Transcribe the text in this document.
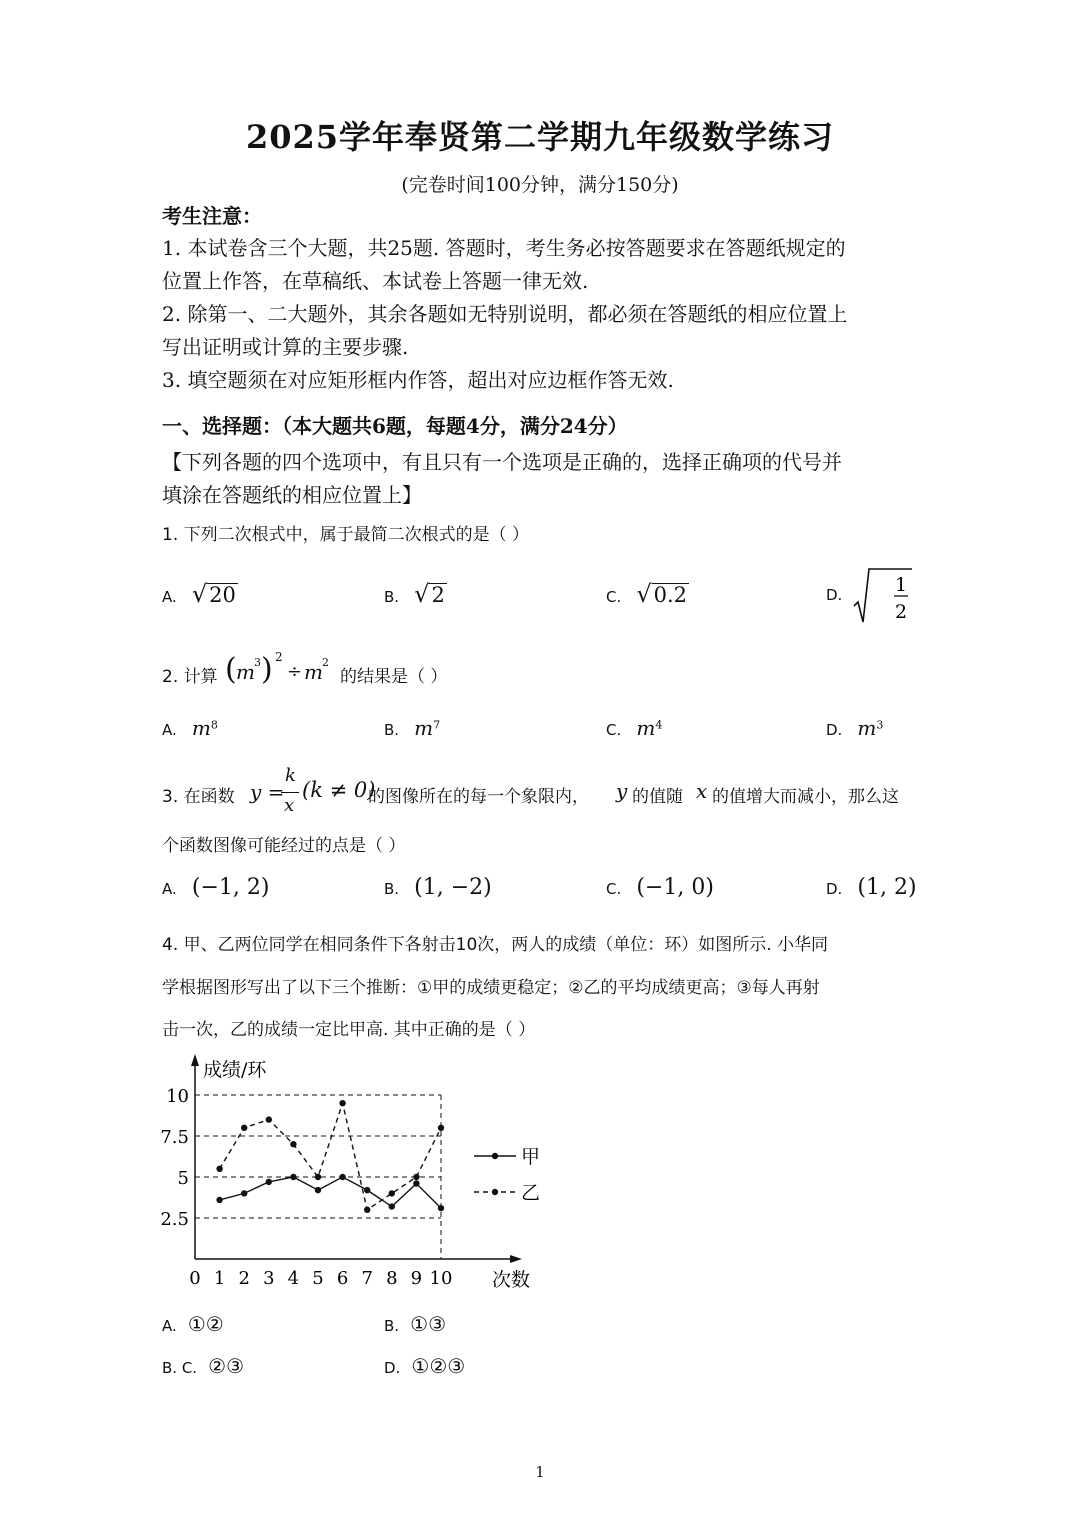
2025学年奉贤第二学期九年级数学练习
(完卷时间100分钟，满分150分)
考生注意：
1. 本试卷含三个大题，共25题. 答题时，考生务必按答题要求在答题纸规定的
位置上作答，在草稿纸、本试卷上答题一律无效.
2. 除第一、二大题外，其余各题如无特别说明，都必须在答题纸的相应位置上
写出证明或计算的主要步骤.
3. 填空题须在对应矩形框内作答，超出对应边框作答无效.
一、选择题：（本大题共6题，每题4分，满分24分）
【下列各题的四个选项中，有且只有一个选项是正确的，选择正确项的代号并
填涂在答题纸的相应位置上】
1. 下列二次根式中，属于最简二次根式的是（ ）
A. √20	B. √2	C. √0.2	D.	1
2
2. 计算 ( m 3 ) 2
÷ m 2
的结果是（ ）
A. $m^8$	B. $m^7$	C. $m^4$	D. $m^3$
3. 在函数 y =
k
x
(k ≠ 0)
的图像所在的每一个象限内， y 的值随 x 的值增大而减小，那么这
个函数图像可能经过的点是（ ）
A. (−1, 2)	B. (1, −2)	C. (−1, 0)	D. (1, 2)
4. 甲、乙两位同学在相同条件下各射击10次，两人的成绩（单位：环）如图所示. 小华同
学根据图形写出了以下三个推断：①甲的成绩更稳定；②乙的平均成绩更高；③每人再射
击一次，乙的成绩一定比甲高. 其中正确的是（ ）
成绩/环
次数
2.5
5
7.5
10
0 1 2 3 4 5 6 7 8 9 10
甲
乙
A. ①②	B. ①③
B. C. ②③	D. ①②③
1
